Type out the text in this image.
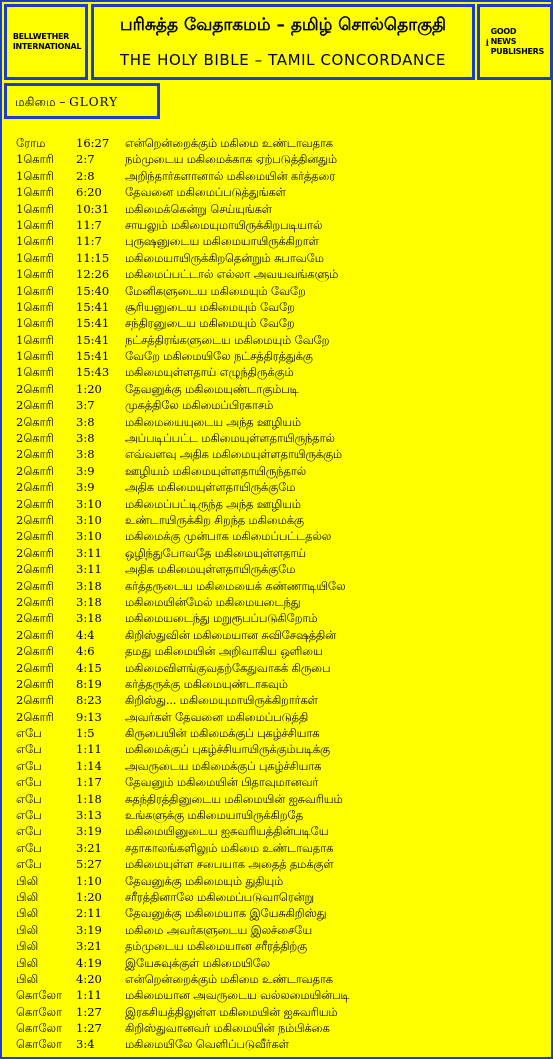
BELLWETHER
INTERNATIONAL
பரிசுத்த வேதாகமம் – தமிழ் சொல்தொகுதி
THE HOLY BIBLE – TAMIL CONCORDANCE
GOOD NEWS
PUBLISHERS
மகிமை – GLORY
ரோம	16:27 என்றென்றைக்கும் மகிமை உண்டாவதாக
1கொரி 2:7	நம்முடைய மகிமைக்காக ஏற்படுத்தினதும்
1கொரி 2:8	அறிந்தார்களானால் மகிமையின் கர்த்தரை
1கொரி 6:20 தேவனை மகிமைப்படுத்துங்கள்
1கொரி 10:31 மகிமைக்கென்று செய்யுங்கள்
1கொரி 11:7 சாயலும் மகிமையுமாயிருக்கிறபடியால்
1கொரி 11:7 புருஷனுடைய மகிமையாயிருக்கிறாள்
1கொரி 11:15 மகிமையாயிருக்கிறதென்றும் சுபாவமே
1கொரி 12:26 மகிமைப்பட்டால் எல்லா அவயவங்களும்
1கொரி 15:40 மேனிகளுடைய மகிமையும் வேறே
1கொரி 15:41 சூரியனுடைய மகிமையும் வேறே
1கொரி 15:41 சந்திரனுடைய மகிமையும் வேறே
1கொரி 15:41 நட்சத்திரங்களுடைய மகிமையும் வேறே
1கொரி 15:41 வேறே மகிமையிலே நட்சத்திரத்துக்கு
1கொரி 15:43 மகிமையுள்ளதாய் எழுந்திருக்கும்
2கொரி 1:20 தேவனுக்கு மகிமையுண்டாகும்படி
2கொரி 3:7	முகத்திலே மகிமைப்பிரகாசம்
2கொரி 3:8	மகிமையையுடைய அந்த ஊழியம்
2கொரி 3:8	அப்படிப்பட்ட மகிமையுள்ளதாயிருந்தால்
2கொரி 3:8	எவ்வளவு அதிக மகிமையுள்ளதாயிருக்கும்
2கொரி 3:9	ஊழியம் மகிமையுள்ளதாயிருந்தால்
2கொரி 3:9	அதிக மகிமையுள்ளதாயிருக்குமே
2கொரி 3:10 மகிமைப்பட்டிருந்த அந்த ஊழியம்
2கொரி 3:10 உண்டாயிருக்கிற சிறந்த மகிமைக்கு
2கொரி 3:10 மகிமைக்கு முன்பாக மகிமைப்பட்டதல்ல
2கொரி 3:11 ஒழிந்துபோவதே மகிமையுள்ளதாய்
2கொரி 3:11 அதிக மகிமையுள்ளதாயிருக்குமே
2கொரி 3:18 கர்த்தருடைய மகிமையைக் கண்ணாடியிலே
2கொரி 3:18 மகிமையின்மேல் மகிமையடைந்து
2கொரி 3:18 மகிமையடைந்து மறுரூபப்படுகிறோம்
2கொரி 4:4	கிறிஸ்துவின் மகிமையான சுவிசேஷத்தின்
2கொரி 4:6	தமது மகிமையின் அறிவாகிய ஒளியை
2கொரி 4:15 மகிமைவிளங்குவதற்கேதுவாகக் கிருபை
2கொரி 8:19 கர்த்தருக்கு மகிமையுண்டாகவும்
2கொரி 8:23 கிறிஸ்து... மகிமையுமாயிருக்கிறார்கள்
2கொரி 9:13 அவர்கள் தேவனை மகிமைப்படுத்தி
எபே	1:5	கிருபையின் மகிமைக்குப் புகழ்ச்சியாக
எபே	1:11 மகிமைக்குப் புகழ்ச்சியாயிருக்கும்படிக்கு
எபே	1:14 அவருடைய மகிமைக்குப் புகழ்ச்சியாக
எபே	1:17 தேவனும் மகிமையின் பிதாவுமானவர்
எபே	1:18 சுதந்திரத்தினுடைய மகிமையின் ஐசுவரியம்
எபே	3:13 உங்களுக்கு மகிமையாயிருக்கிறதே
எபே	3:19 மகிமையினுடைய ஐசுவரியத்தின்படியே
எபே	3:21 சதாகாலங்களிலும் மகிமை உண்டாவதாக
எபே	5:27 மகிமையுள்ள சபையாக அதைத் தமக்குள்
பிலி	1:10 தேவனுக்கு மகிமையும் துதியும்
பிலி	1:20 சரீரத்தினாலே மகிமைப்படுவாரென்று
பிலி	2:11 தேவனுக்கு மகிமையாக இயேசுகிறிஸ்து
பிலி	3:19 மகிமை அவர்களுடைய இலச்சையே
பிலி	3:21 தம்முடைய மகிமையான சரீரத்திற்கு
பிலி	4:19 இயேசுவுக்குள் மகிமையிலே
பிலி	4:20 என்றென்றைக்கும் மகிமை உண்டாவதாக
கொலோ 1:11 மகிமையான அவருடைய வல்லமையின்படி
கொலோ 1:27 இரகசியத்திலுள்ள மகிமையின் ஐசுவரியம்
கொலோ 1:27 கிறிஸ்துவானவர் மகிமையின் நம்பிக்கை
கொலோ 3:4	மகிமையிலே வெளிப்படுவீர்கள்
